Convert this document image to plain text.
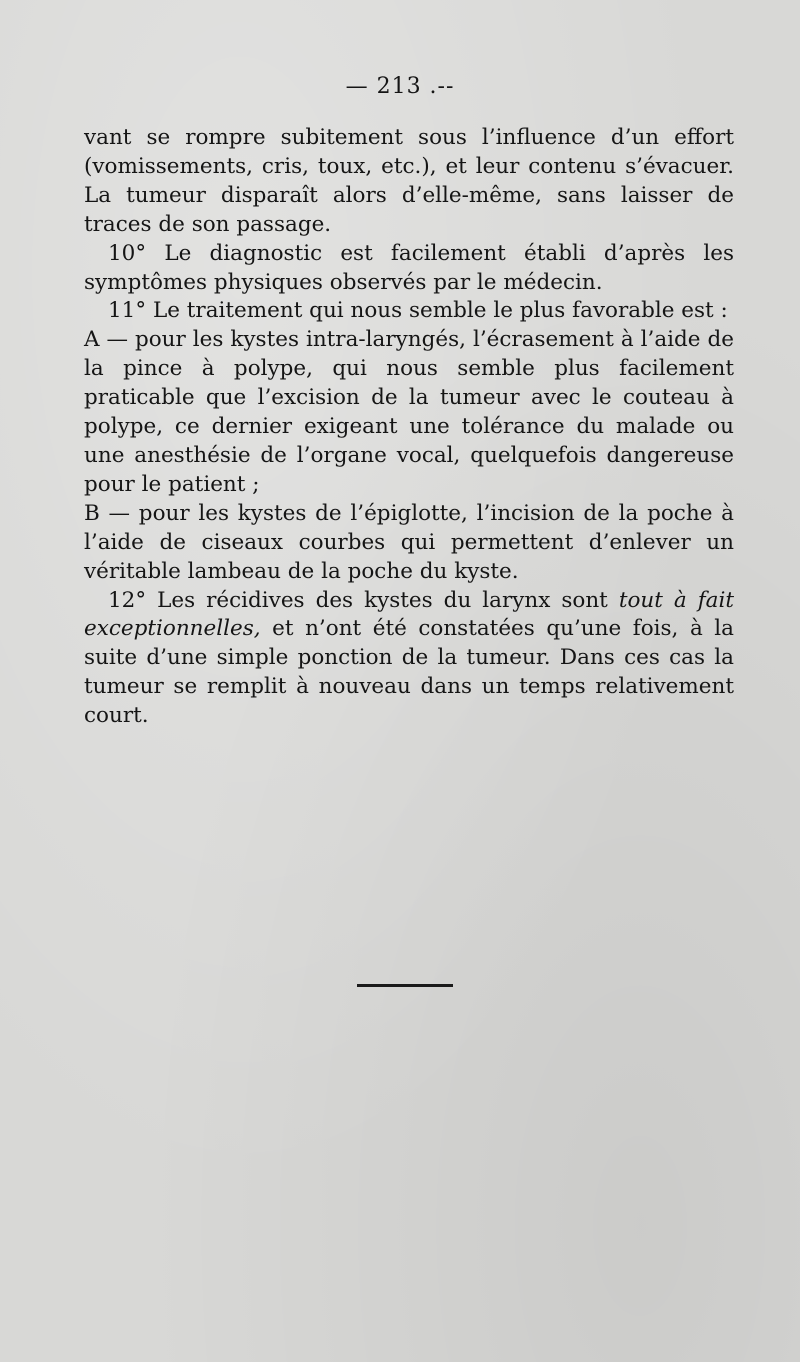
— 213 .--

vant se rompre subitement sous l’influence d’un effort (vomissements, cris, toux, etc.), et leur contenu s’évacuer. La tumeur disparaît alors d’elle-même, sans laisser de traces de son passage.

10° Le diagnostic est facilement établi d’après les symptômes physiques observés par le médecin.

11° Le traitement qui nous semble le plus favorable est :

A — pour les kystes intra-laryngés, l’écrasement à l’aide de la pince à polype, qui nous semble plus facilement praticable que l’excision de la tumeur avec le couteau à polype, ce dernier exigeant une tolérance du malade ou une anesthésie de l’organe vocal, quelquefois dangereuse pour le patient ;

B — pour les kystes de l’épiglotte, l’incision de la poche à l’aide de ciseaux courbes qui permettent d’enlever un véritable lambeau de la poche du kyste.

12° Les récidives des kystes du larynx sont tout à fait exceptionnelles, et n’ont été constatées qu’une fois, à la suite d’une simple ponction de la tumeur. Dans ces cas la tumeur se remplit à nouveau dans un temps relativement court.
